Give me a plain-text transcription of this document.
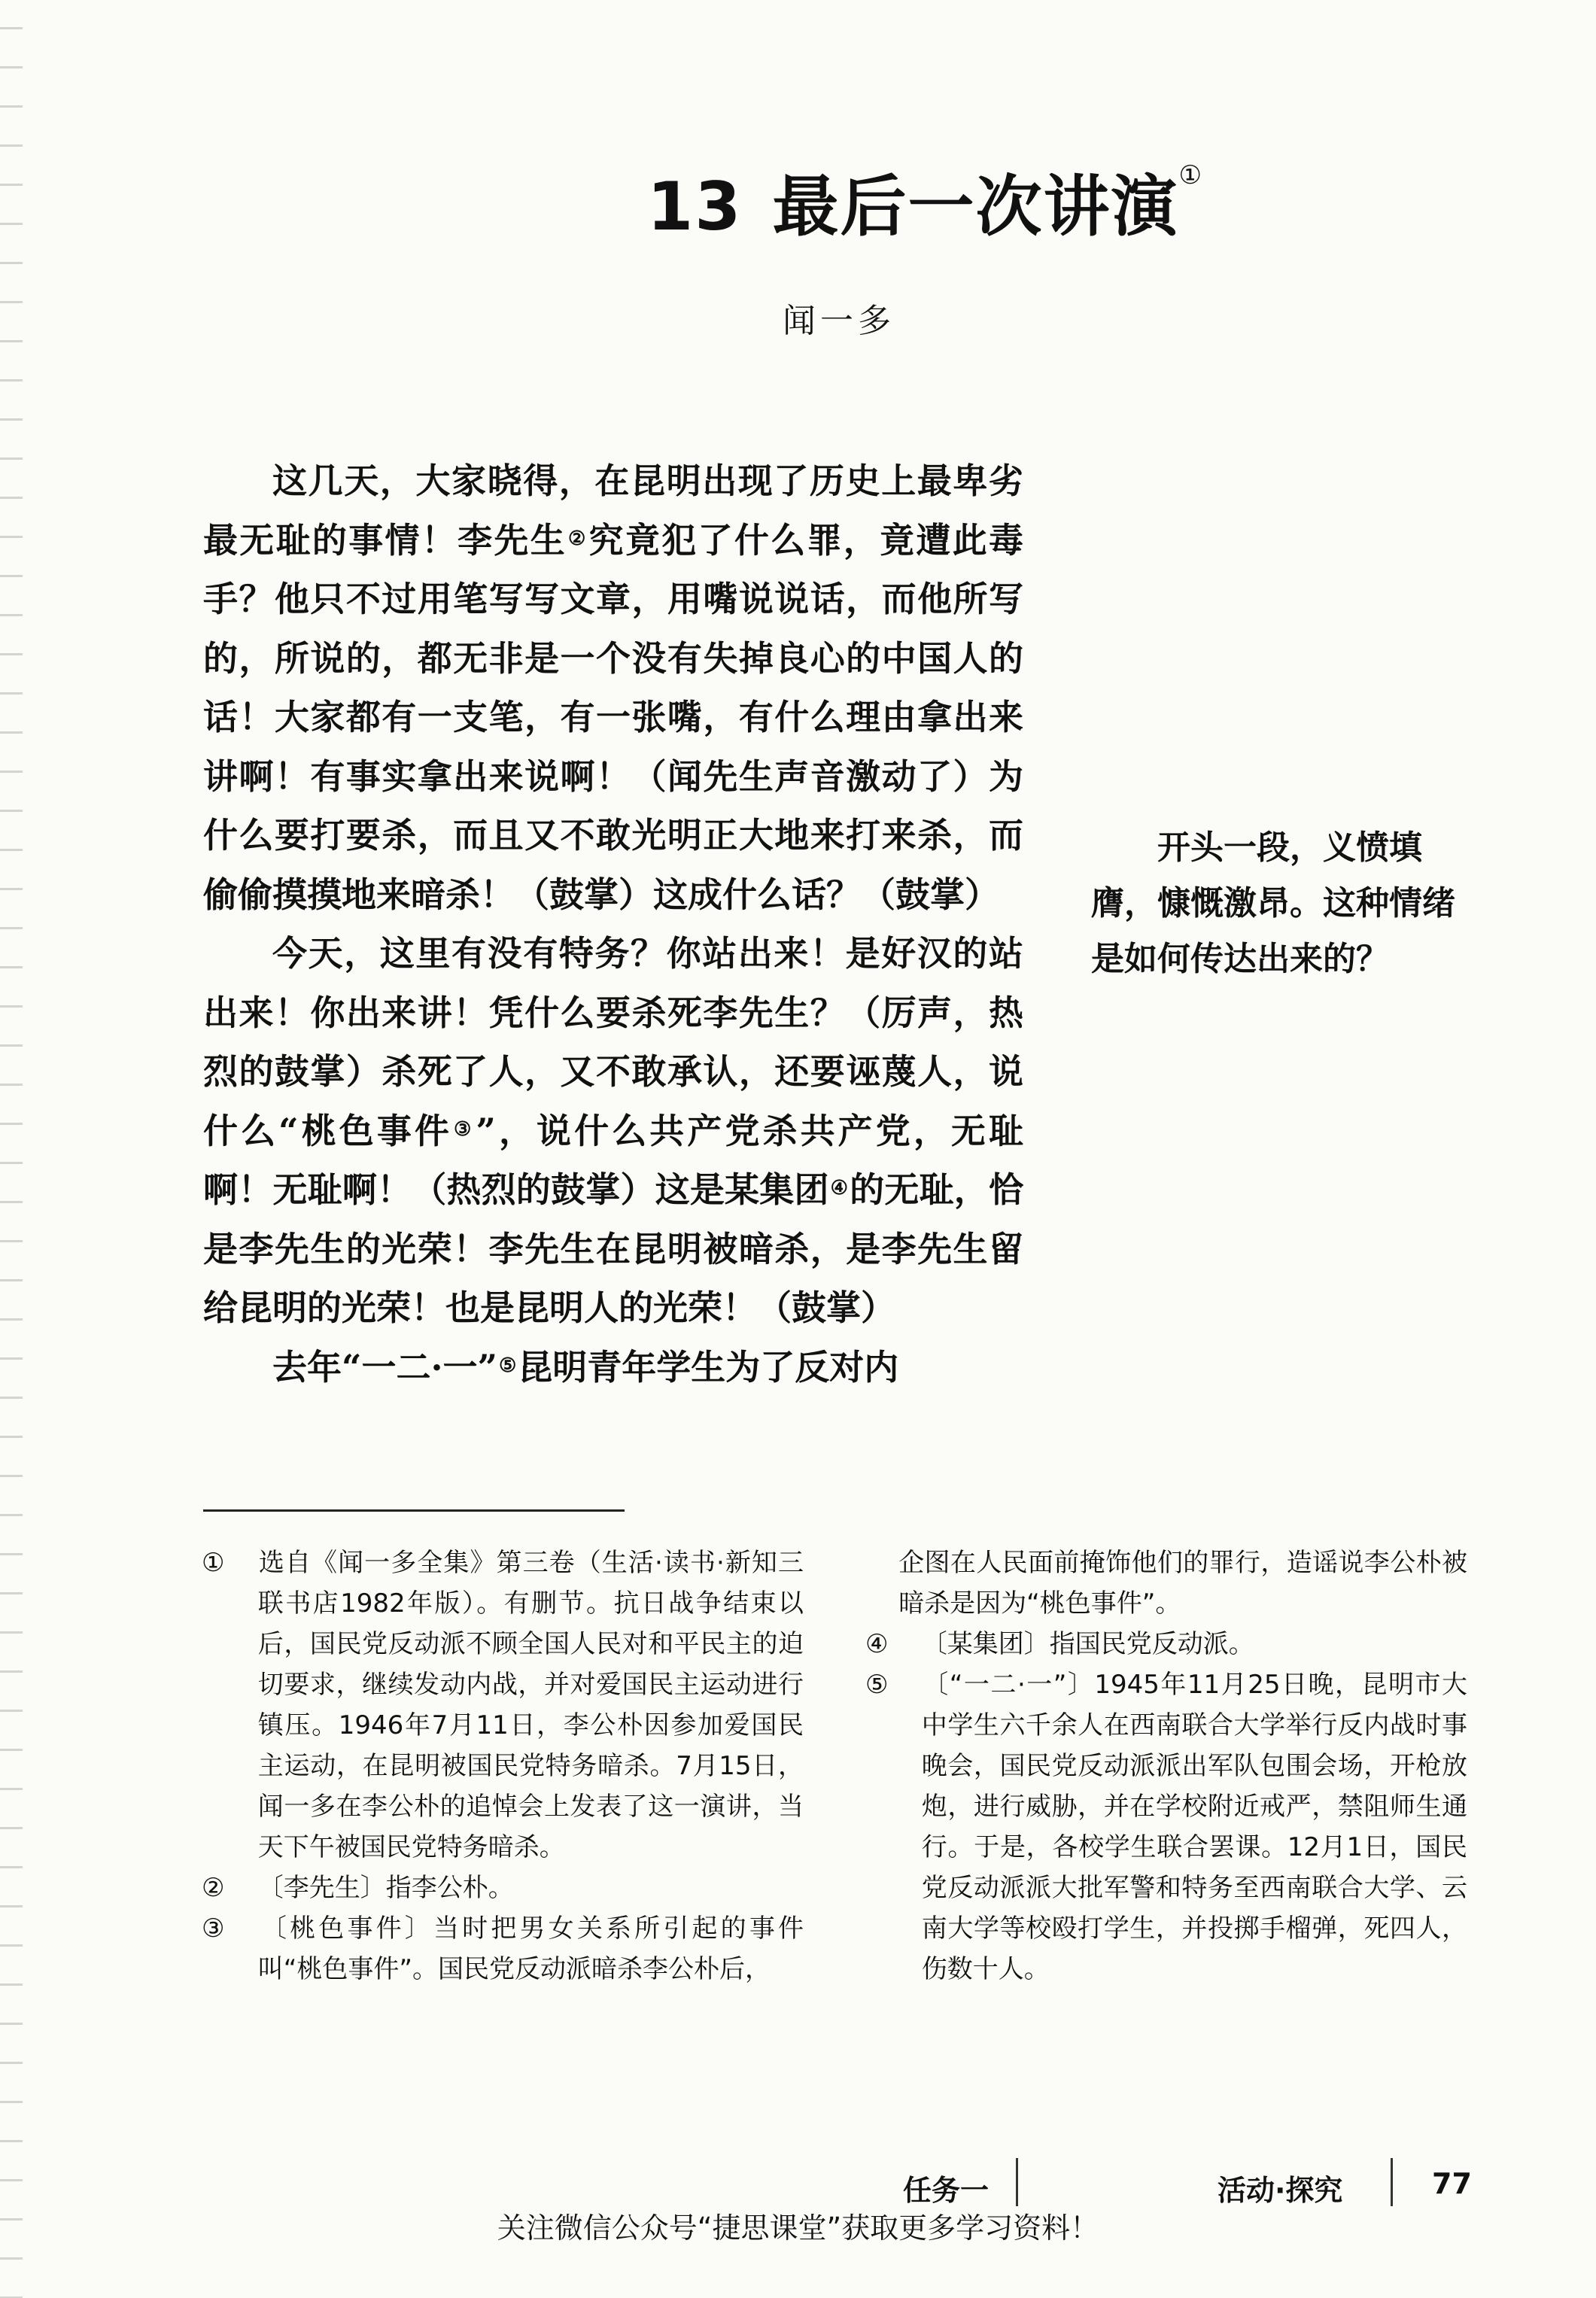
13 最后一次讲演①
闻一多

这几天，大家晓得，在昆明出现了历史上最卑劣最无耻的事情！李先生②究竟犯了什么罪，竟遭此毒手？他只不过用笔写写文章，用嘴说说话，而他所写的，所说的，都无非是一个没有失掉良心的中国人的话！大家都有一支笔，有一张嘴，有什么理由拿出来讲啊！有事实拿出来说啊！（闻先生声音激动了）为什么要打要杀，而且又不敢光明正大地来打来杀，而偷偷摸摸地来暗杀！（鼓掌）这成什么话？（鼓掌）

今天，这里有没有特务？你站出来！是好汉的站出来！你出来讲！凭什么要杀死李先生？（厉声，热烈的鼓掌）杀死了人，又不敢承认，还要诬蔑人，说什么“桃色事件③”，说什么共产党杀共产党，无耻啊！无耻啊！（热烈的鼓掌）这是某集团④的无耻，恰是李先生的光荣！李先生在昆明被暗杀，是李先生留给昆明的光荣！也是昆明人的光荣！（鼓掌）

去年“一二·一”⑤昆明青年学生为了反对内

开头一段，义愤填膺，慷慨激昂。这种情绪是如何传达出来的？

① 选自《闻一多全集》第三卷（生活·读书·新知三联书店1982年版）。有删节。抗日战争结束以后，国民党反动派不顾全国人民对和平民主的迫切要求，继续发动内战，并对爱国民主运动进行镇压。1946年7月11日，李公朴因参加爱国民主运动，在昆明被国民党特务暗杀。7月15日，闻一多在李公朴的追悼会上发表了这一演讲，当天下午被国民党特务暗杀。

② 〔李先生〕指李公朴。

③ 〔桃色事件〕当时把男女关系所引起的事件叫“桃色事件”。国民党反动派暗杀李公朴后，

企图在人民面前掩饰他们的罪行，造谣说李公朴被暗杀是因为“桃色事件”。

④ 〔某集团〕指国民党反动派。

⑤ 〔“一二·一”〕1945年11月25日晚，昆明市大中学生六千余人在西南联合大学举行反内战时事晚会，国民党反动派派出军队包围会场，开枪放炮，进行威胁，并在学校附近戒严，禁阻师生通行。于是，各校学生联合罢课。12月1日，国民党反动派派大批军警和特务至西南联合大学、云南大学等校殴打学生，并投掷手榴弹，死四人，伤数十人。

任务一	活动·探究	77
关注微信公众号“捷思课堂”获取更多学习资料！
